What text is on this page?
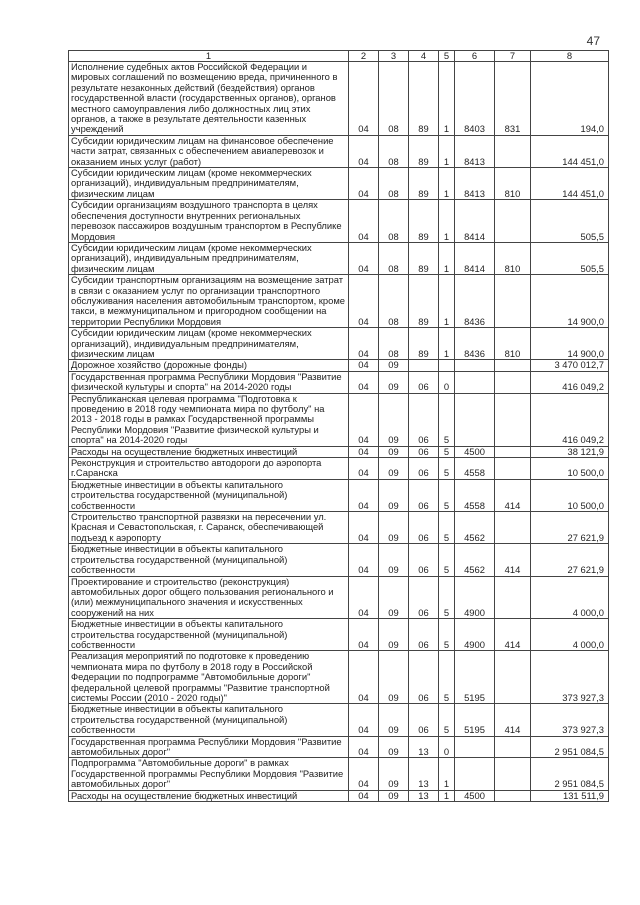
47
1	2	3	4	5	6	7	8
Исполнение судебных актов Российской Федерации и мировых соглашений по возмещению вреда, причиненного в результате незаконных действий (бездействия) органов государственной власти (государственных органов), органов местного самоуправления либо должностных лиц этих органов, а также в результате деятельности казенных учреждений	04	08	89	1	8403	831	194,0
Субсидии юридическим лицам на финансовое обеспечение части затрат, связанных с обеспечением авиаперевозок и оказанием иных услуг (работ)	04	08	89	1	8413		144 451,0
Субсидии юридическим лицам (кроме некоммерческих организаций), индивидуальным предпринимателям, физическим лицам	04	08	89	1	8413	810	144 451,0
Субсидии организациям воздушного транспорта в целях обеспечения доступности внутренних региональных перевозок пассажиров воздушным транспортом в Республике Мордовия	04	08	89	1	8414		505,5
Субсидии юридическим лицам (кроме некоммерческих организаций), индивидуальным предпринимателям, физическим лицам	04	08	89	1	8414	810	505,5
Субсидии транспортным организациям на возмещение затрат в связи с оказанием услуг по организации транспортного обслуживания населения автомобильным транспортом, кроме такси, в межмуниципальном и пригородном сообщении на территории Республики Мордовия	04	08	89	1	8436		14 900,0
Субсидии юридическим лицам (кроме некоммерческих организаций), индивидуальным предпринимателям, физическим лицам	04	08	89	1	8436	810	14 900,0
Дорожное хозяйство (дорожные фонды)	04	09					3 470 012,7
Государственная программа Республики Мордовия "Развитие физической культуры и спорта" на 2014-2020 годы	04	09	06	0			416 049,2
Республиканская целевая программа "Подготовка к проведению в 2018 году чемпионата мира по футболу" на 2013 - 2018 годы в рамках Государственной программы Республики Мордовия "Развитие физической культуры и спорта" на 2014-2020 годы	04	09	06	5			416 049,2
Расходы на осуществление бюджетных инвестиций	04	09	06	5	4500		38 121,9
Реконструкция и строительство автодороги до аэропорта г.Саранска	04	09	06	5	4558		10 500,0
Бюджетные инвестиции в объекты капитального строительства государственной (муниципальной) собственности	04	09	06	5	4558	414	10 500,0
Строительство транспортной развязки на пересечении ул. Красная и Севастопольская, г. Саранск, обеспечивающей подъезд к аэропорту	04	09	06	5	4562		27 621,9
Бюджетные инвестиции в объекты капитального строительства государственной (муниципальной) собственности	04	09	06	5	4562	414	27 621,9
Проектирование и строительство (реконструкция) автомобильных дорог общего пользования регионального и (или) межмуниципального значения и искусственных сооружений на них	04	09	06	5	4900		4 000,0
Бюджетные инвестиции в объекты капитального строительства государственной (муниципальной) собственности	04	09	06	5	4900	414	4 000,0
Реализация мероприятий по подготовке к проведению чемпионата мира по футболу в 2018 году в Российской Федерации по подпрограмме "Автомобильные дороги" федеральной целевой программы "Развитие транспортной системы России (2010 - 2020 годы)"	04	09	06	5	5195		373 927,3
Бюджетные инвестиции в объекты капитального строительства государственной (муниципальной) собственности	04	09	06	5	5195	414	373 927,3
Государственная программа Республики Мордовия "Развитие автомобильных дорог"	04	09	13	0			2 951 084,5
Подпрограмма "Автомобильные дороги" в рамках Государственной программы Республики Мордовия "Развитие автомобильных дорог"	04	09	13	1			2 951 084,5
Расходы на осуществление бюджетных инвестиций	04	09	13	1	4500		131 511,9
